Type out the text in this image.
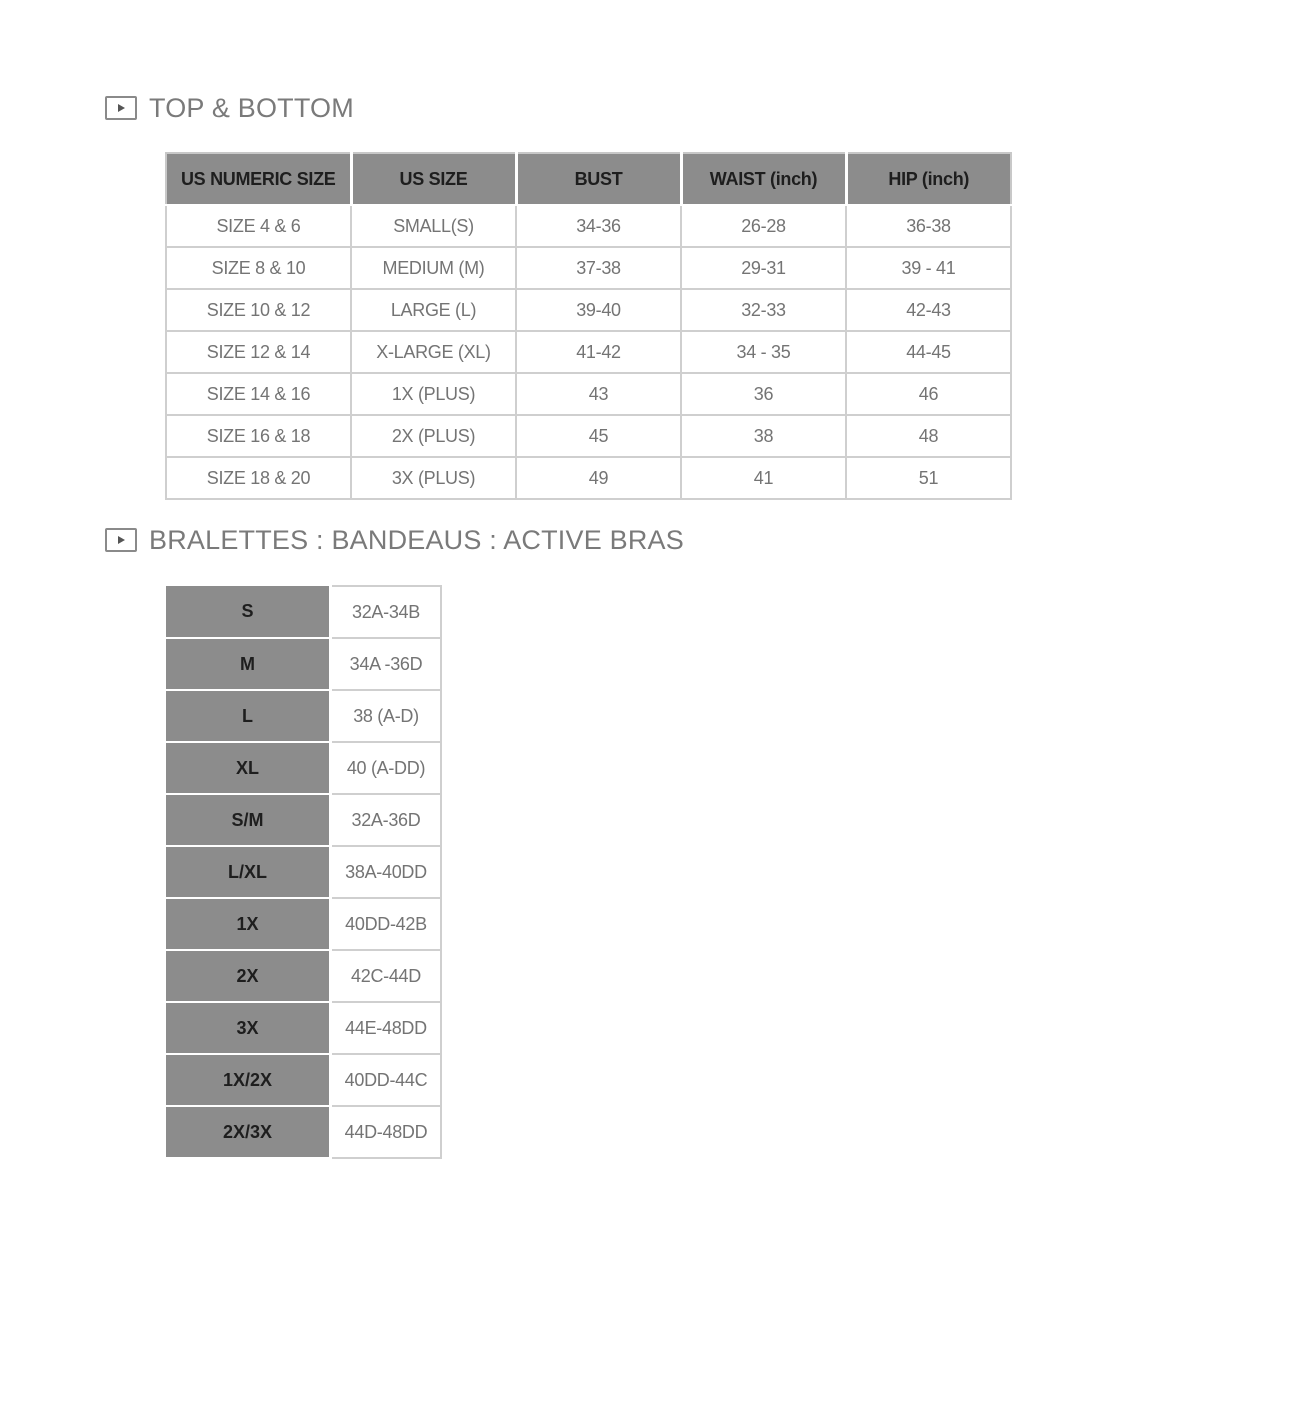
TOP & BOTTOM
US NUMERIC SIZE	US SIZE	BUST	WAIST (inch)	HIP (inch)
SIZE 4 & 6	SMALL(S)	34-36	26-28	36-38
SIZE 8 & 10	MEDIUM (M)	37-38	29-31	39 - 41
SIZE 10 & 12	LARGE (L)	39-40	32-33	42-43
SIZE 12 & 14	X-LARGE (XL)	41-42	34 - 35	44-45
SIZE 14 & 16	1X (PLUS)	43	36	46
SIZE 16 & 18	2X (PLUS)	45	38	48
SIZE 18 & 20	3X (PLUS)	49	41	51
BRALETTES : BANDEAUS : ACTIVE BRAS
S	32A-34B
M	34A -36D
L	38 (A-D)
XL	40 (A-DD)
S/M	32A-36D
L/XL	38A-40DD
1X	40DD-42B
2X	42C-44D
3X	44E-48DD
1X/2X	40DD-44C
2X/3X	44D-48DD
